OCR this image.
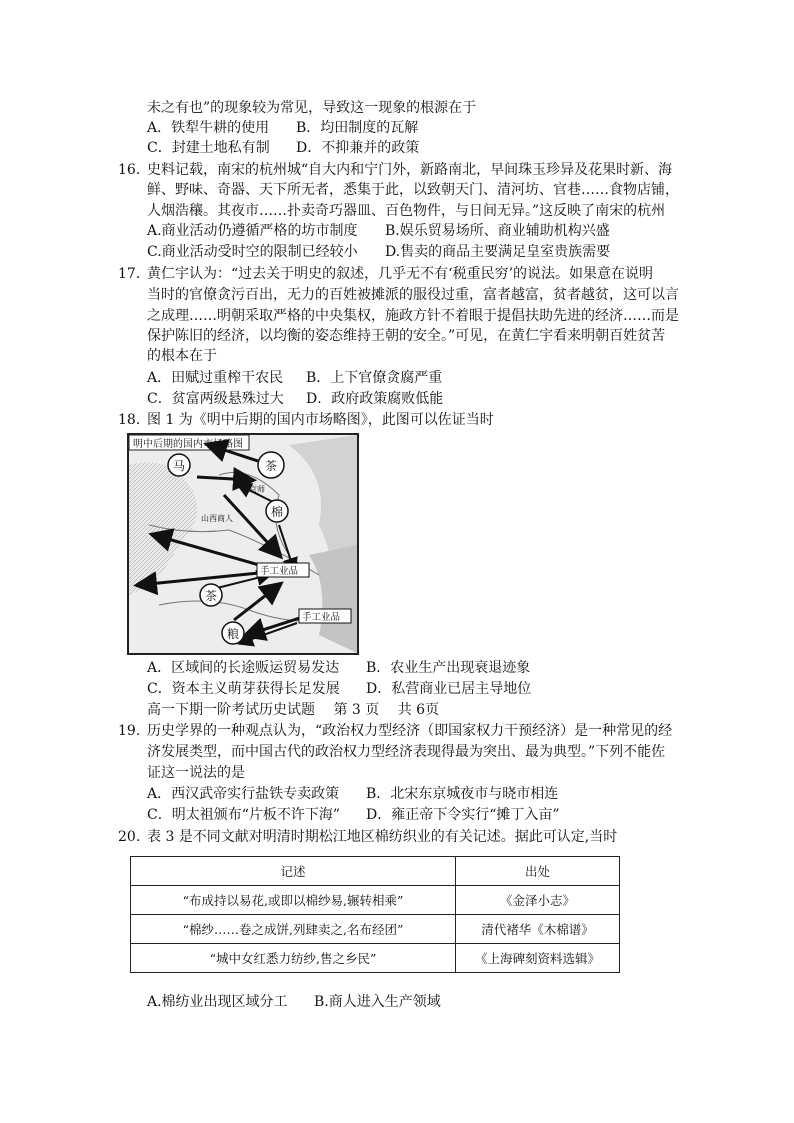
未之有也”的现象较为常见，导致这一现象的根源在于
A．铁犁牛耕的使用 B．均田制度的瓦解
C．封建土地私有制 D．不抑兼并的政策
16. 史料记载，南宋的杭州城“自大内和宁门外，新路南北，早间珠玉珍异及花果时新、海
鲜、野味、奇器、天下所无者，悉集于此，以致朝天门、清河坊、官巷……食物店铺，
人烟浩穰。其夜市……扑卖奇巧器皿、百色物件，与日间无异。”这反映了南宋的杭州
A.商业活动仍遵循严格的坊市制度 B.娱乐贸易场所、商业辅助机构兴盛
C.商业活动受时空的限制已经较小 D.售卖的商品主要满足皇室贵族需要
17. 黄仁宇认为：“过去关于明史的叙述，几乎无不有‘税重民穷’的说法。如果意在说明
当时的官僚贪污百出，无力的百姓被摊派的服役过重，富者越富，贫者越贫，这可以言
之成理……明朝采取严格的中央集权，施政方针不着眼于提倡扶助先进的经济……而是
保护陈旧的经济，以均衡的姿态维持王朝的安全。”可见，在黄仁宇看来明朝百姓贫苦
的根本在于
A．田赋过重榨干农民 B．上下官僚贪腐严重
C．贫富两级悬殊过大 D．政府政策腐败低能
18. 图 1 为《明中后期的国内市场略图》，此图可以佐证当时
明中后期的国内市场略图
马	茶
京师
棉
山西商人
手工业品
茶
手工业品
粮
A．区域间的长途贩运贸易发达 B．农业生产出现衰退迹象
C．资本主义萌芽获得长足发展 D．私营商业已居主导地位
高一下期一阶考试历史试题　 第 3 页　 共 6页
19. 历史学界的一种观点认为，“政治权力型经济（即国家权力干预经济）是一种常见的经
济发展类型，而中国古代的政治权力型经济表现得最为突出、最为典型。”下列不能佐
证这一说法的是
A．西汉武帝实行盐铁专卖政策 B．北宋东京城夜市与晓市相连
C．明太祖颁布“片板不许下海” D．雍正帝下令实行“摊丁入亩”
20. 表 3 是不同文献对明清时期松江地区棉纺织业的有关记述。据此可认定,当时
记述	出处
“布成持以易花,或即以棉纱易,辗转相乘”	《金泽小志》
“棉纱……卷之成饼,列肆卖之,名布经团”	清代褚华《木棉谱》
“城中女红悉力纺纱,售之乡民”	《上海碑刻资料选辑》
A.棉纺业出现区域分工 B.商人进入生产领域
